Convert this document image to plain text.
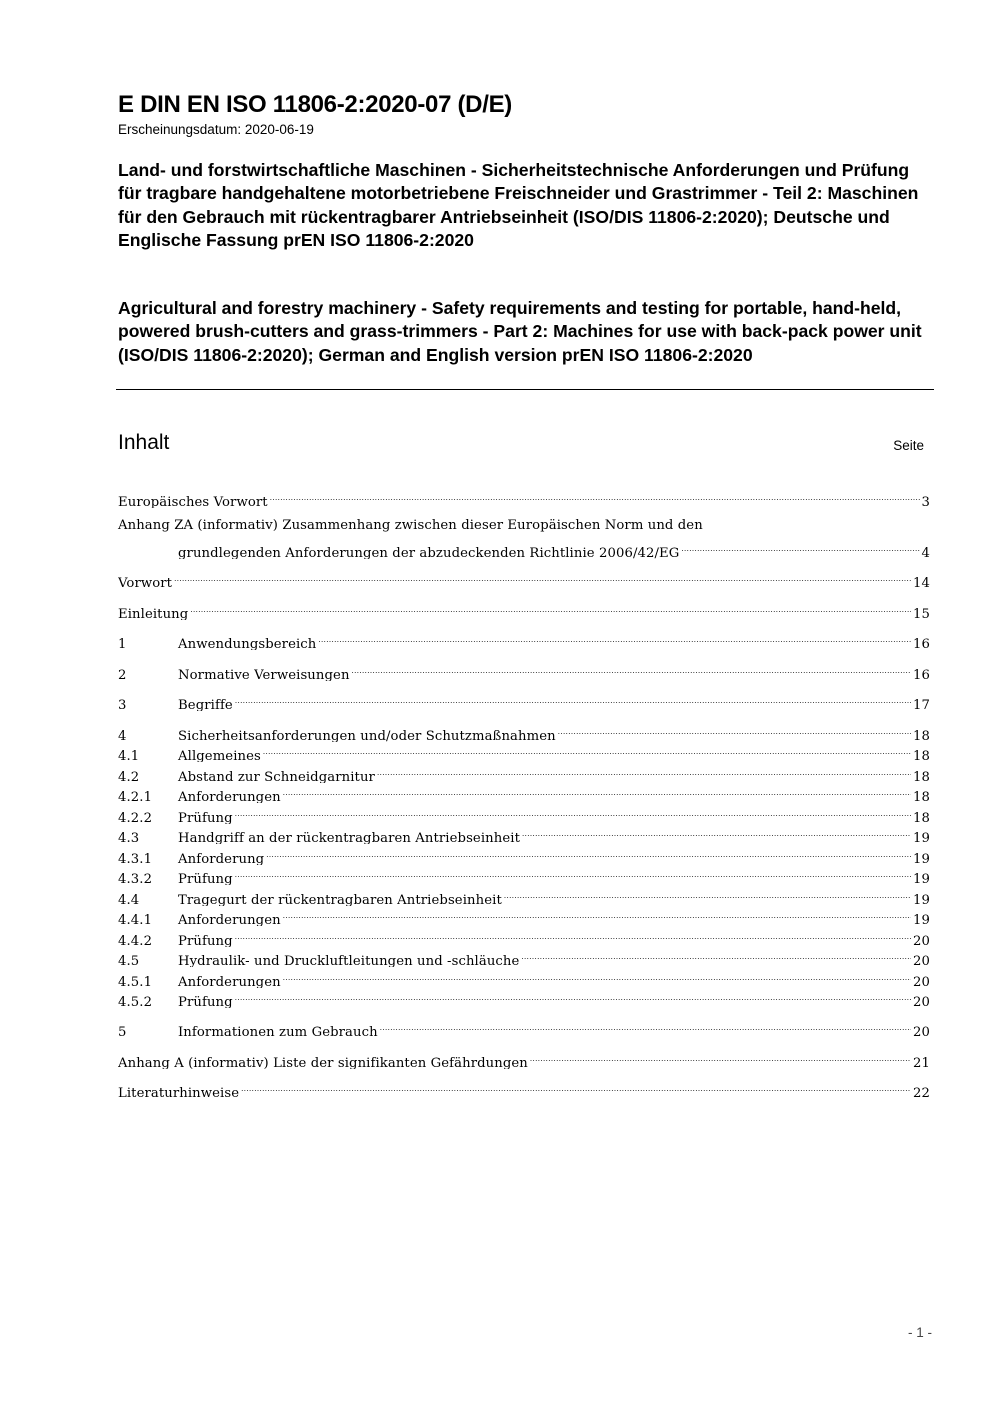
E DIN EN ISO 11806-2:2020-07 (D/E)
Erscheinungsdatum: 2020-06-19
Land- und forstwirtschaftliche Maschinen - Sicherheitstechnische Anforderungen und Prüfung für tragbare handgehaltene motorbetriebene Freischneider und Grastrimmer - Teil 2: Maschinen für den Gebrauch mit rückentragbarer Antriebseinheit (ISO/DIS 11806-2:2020); Deutsche und Englische Fassung prEN ISO 11806-2:2020
Agricultural and forestry machinery - Safety requirements and testing for portable, hand-held, powered brush-cutters and grass-trimmers - Part 2: Machines for use with back-pack power unit (ISO/DIS 11806-2:2020); German and English version prEN ISO 11806-2:2020
Inhalt	Seite
Europäisches Vorwort .....	3
Anhang ZA (informativ) Zusammenhang zwischen dieser Europäischen Norm und den
grundlegenden Anforderungen der abzudeckenden Richtlinie 2006/42/EG .....	4
Vorwort .....	14
Einleitung .....	15
1	Anwendungsbereich .....	16
2	Normative Verweisungen .....	16
3	Begriffe .....	17
4	Sicherheitsanforderungen und/oder Schutzmaßnahmen .....	18
4.1	Allgemeines .....	18
4.2	Abstand zur Schneidgarnitur .....	18
4.2.1	Anforderungen .....	18
4.2.2	Prüfung .....	18
4.3	Handgriff an der rückentragbaren Antriebseinheit .....	19
4.3.1	Anforderung .....	19
4.3.2	Prüfung .....	19
4.4	Tragegurt der rückentragbaren Antriebseinheit .....	19
4.4.1	Anforderungen .....	19
4.4.2	Prüfung .....	20
4.5	Hydraulik- und Druckluftleitungen und -schläuche .....	20
4.5.1	Anforderungen .....	20
4.5.2	Prüfung .....	20
5	Informationen zum Gebrauch .....	20
Anhang A (informativ) Liste der signifikanten Gefährdungen .....	21
Literaturhinweise .....	22
- 1 -
